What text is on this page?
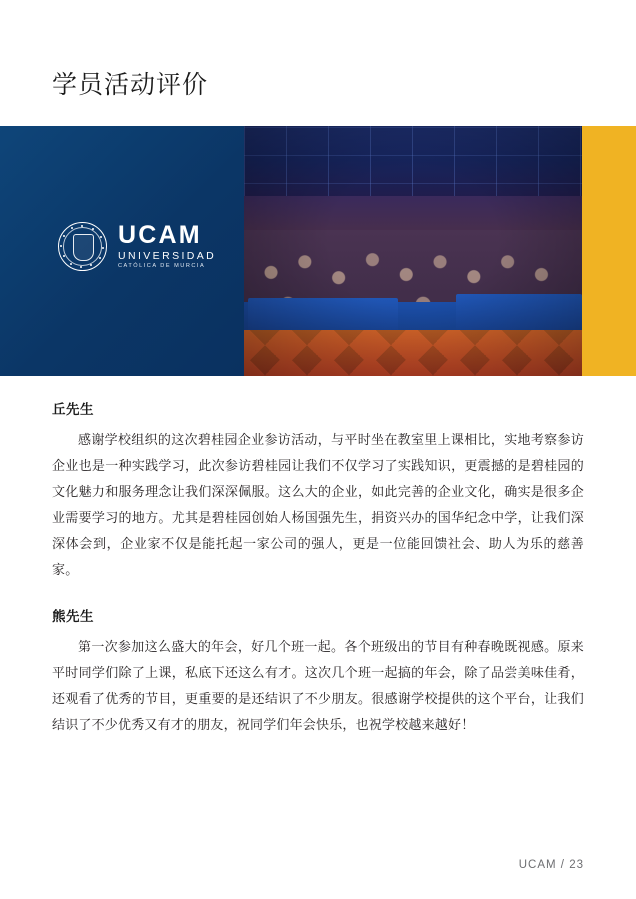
学员活动评价
UCAM
UNIVERSIDAD
CATÓLICA DE MURCIA

丘先生

感谢学校组织的这次碧桂园企业参访活动，与平时坐在教室里上课相比，实地考察参访企业也是一种实践学习，此次参访碧桂园让我们不仅学习了实践知识，更震撼的是碧桂园的文化魅力和服务理念让我们深深佩服。这么大的企业，如此完善的企业文化，确实是很多企业需要学习的地方。尤其是碧桂园创始人杨国强先生，捐资兴办的国华纪念中学，让我们深深体会到，企业家不仅是能托起一家公司的强人，更是一位能回馈社会、助人为乐的慈善家。

熊先生

第一次参加这么盛大的年会，好几个班一起。各个班级出的节目有种春晚既视感。原来平时同学们除了上课，私底下还这么有才。这次几个班一起搞的年会，除了品尝美味佳肴，还观看了优秀的节目，更重要的是还结识了不少朋友。很感谢学校提供的这个平台，让我们结识了不少优秀又有才的朋友，祝同学们年会快乐，也祝学校越来越好！

UCAM / 23
